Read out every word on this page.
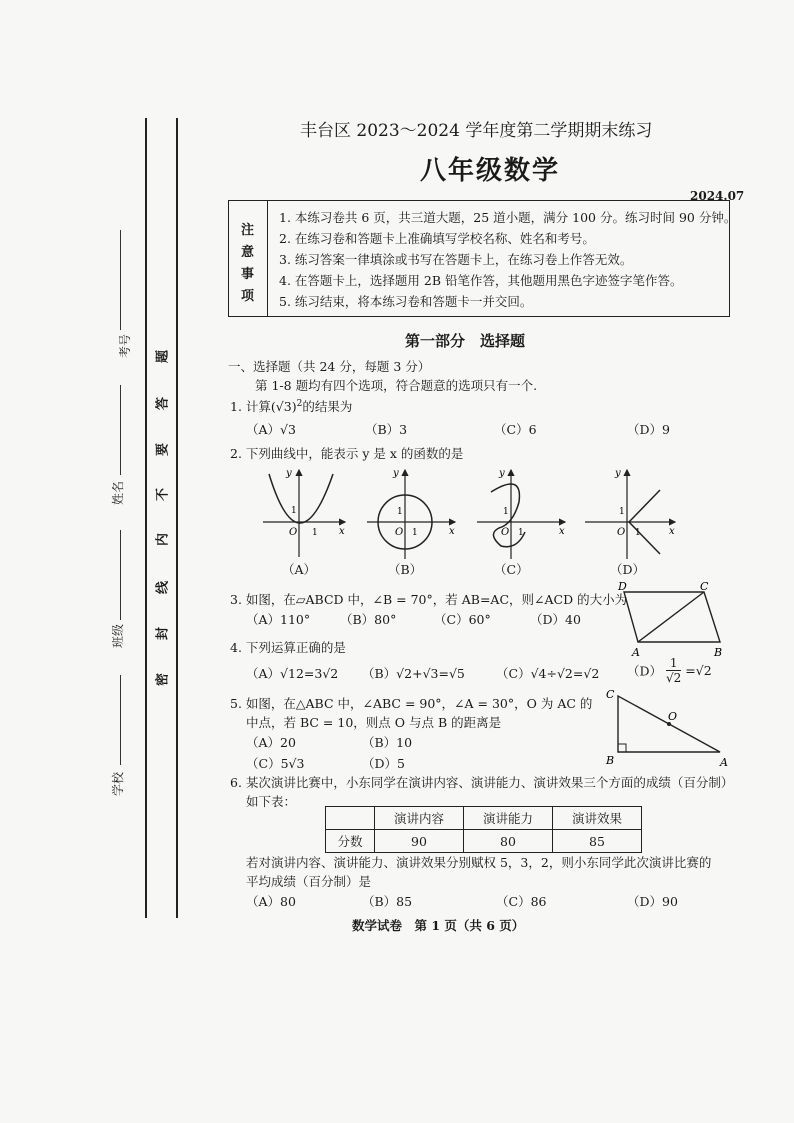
考号
姓名
班级
学校
题
答
要
不
内
线
封
密
丰台区 2023～2024 学年度第二学期期末练习
八年级数学
2024.07
注
意
事
项
1. 本练习卷共 6 页，共三道大题，25 道小题，满分 100 分。练习时间 90 分钟。
2. 在练习卷和答题卡上准确填写学校名称、姓名和考号。
3. 练习答案一律填涂或书写在答题卡上，在练习卷上作答无效。
4. 在答题卡上，选择题用 2B 铅笔作答，其他题用黑色字迹签字笔作答。
5. 练习结束，将本练习卷和答题卡一并交回。
第一部分　选择题
一、选择题（共 24 分，每题 3 分）
第 1-8 题均有四个选项，符合题意的选项只有一个.
1. 计算$(√3)^2$的结果为
（A）√3	（B）3	（C）6	（D）9
2. 下列曲线中，能表示 y 是 x 的函数的是
x
y
O 1
1
x
y
O 1
1
x
y
O 1
1
x
y
O 1
1
（A）	（B）	（C）	（D）
3. 如图，在▱ABCD 中，∠B = 70°，若 AB=AC，则∠ACD 的大小为
（A）110° （B）80°	（C）60°	（D）40
D	C
A	B
4. 下列运算正确的是
（A）√12=3√2 （B）√2+√3=√5 （C）√4÷√2=√2 $(D) \frac{1}{√2} =√2$
5. 如图，在△ABC 中，∠ABC = 90°，∠A = 30°，O 为 AC 的
中点，若 BC = 10，则点 O 与点 B 的距离是
（A）20	（B）10
（C）5√3	（D）5
C
O
B	A
6. 某次演讲比赛中，小东同学在演讲内容、演讲能力、演讲效果三个方面的成绩（百分制）
如下表：
	演讲内容	演讲能力	演讲效果
分数	90	80	85
若对演讲内容、演讲能力、演讲效果分别赋权 5，3，2，则小东同学此次演讲比赛的
平均成绩（百分制）是
（A）80	（B）85	（C）86	（D）90
数学试卷　第 1 页（共 6 页）
